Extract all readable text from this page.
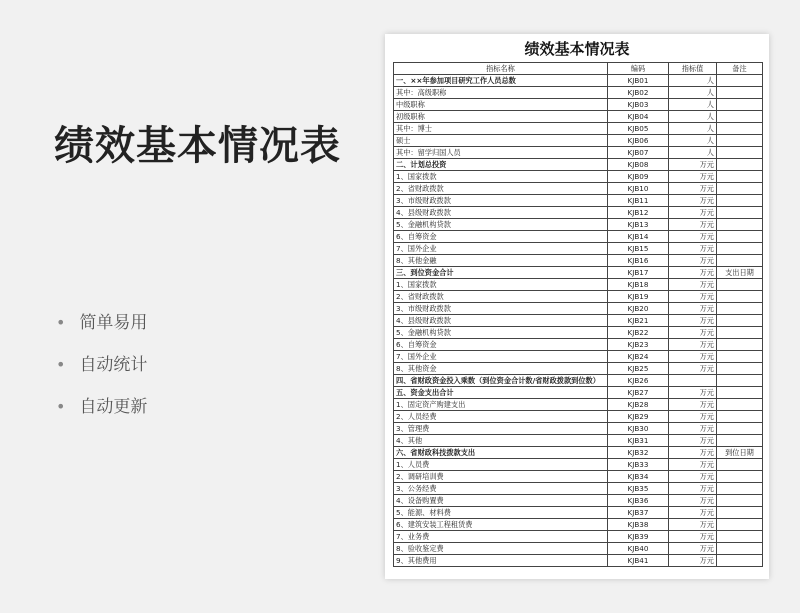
绩效基本情况表
• 简单易用
• 自动统计
• 自动更新
绩效基本情况表
指标名称	编码	指标值	备注
一、××年参加项目研究工作人员总数	KJB01	人	
其中：高级职称	KJB02	人	
中级职称	KJB03	人	
初级职称	KJB04	人	
其中：博士	KJB05	人	
硕士	KJB06	人	
其中：留学归国人员	KJB07	人	
二、计划总投资	KJB08	万元	
1、国家拨款	KJB09	万元	
2、省财政拨款	KJB10	万元	
3、市级财政拨款	KJB11	万元	
4、县级财政拨款	KJB12	万元	
5、金融机构贷款	KJB13	万元	
6、自筹资金	KJB14	万元	
7、国外企业	KJB15	万元	
8、其他金融	KJB16	万元	
三、到位资金合计	KJB17	万元	支出日期
1、国家拨款	KJB18	万元	
2、省财政拨款	KJB19	万元	
3、市级财政拨款	KJB20	万元	
4、县级财政拨款	KJB21	万元	
5、金融机构贷款	KJB22	万元	
6、自筹资金	KJB23	万元	
7、国外企业	KJB24	万元	
8、其他资金	KJB25	万元	
四、省财政资金投入乘数（到位资金合计数/省财政拨款到位数）	KJB26		
五、资金支出合计	KJB27	万元	
1、固定资产购建支出	KJB28	万元	
2、人员经费	KJB29	万元	
3、管理费	KJB30	万元	
4、其他	KJB31	万元	
六、省财政科技拨款支出	KJB32	万元	到位日期
1、人员费	KJB33	万元	
2、调研培训费	KJB34	万元	
3、公务经费	KJB35	万元	
4、设备购置费	KJB36	万元	
5、能源、材料费	KJB37	万元	
6、建筑安装工程租赁费	KJB38	万元	
7、业务费	KJB39	万元	
8、验收鉴定费	KJB40	万元	
9、其他费用	KJB41	万元	
